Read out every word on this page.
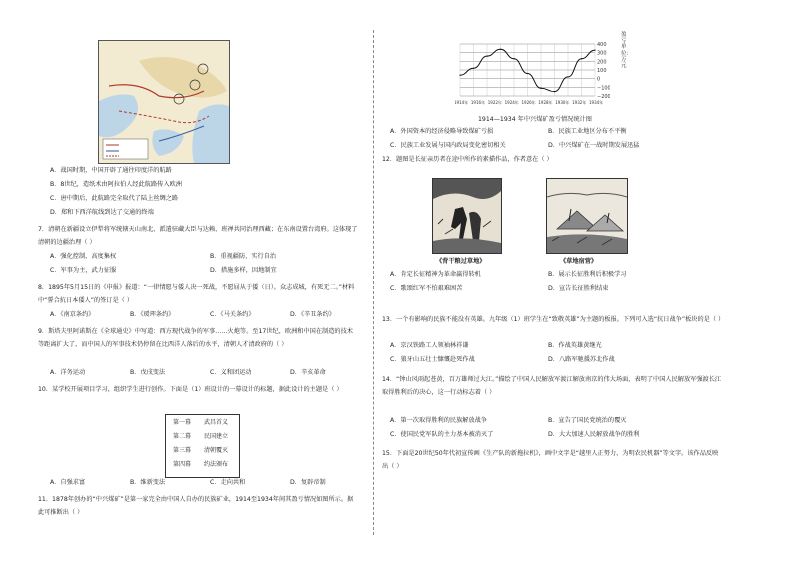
A．战国时期，中国开辟了通往印度洋的航路
B．8世纪，造纸术由阿拉伯人经此航路传入欧洲
C．唐中期后，此航路完全取代了陆上丝绸之路
D．郑和下西洋航线到达了交通的终端
7．清朝在新疆设立伊犁将军统辖天山南北、派遣驻藏大臣与达赖、班禅共同治理西藏；在东南设置台湾府。这体现了清朝的边疆治理（ ）
A．强化控制，高度集权	B．重视疆防，实行自治
C．军事为主，武力征服	D．措施多样，因地制宜
8．1895年5月15日的《申报》报道：“一律情愿与倭人决一死战，不愿屈从于倭（日）。众志成城，有死无二。”材料中“誓合抗日本倭人”的签订是（ ）
A．《南京条约》	B．《瑷珲条约》	C．《马关条约》	D．《辛丑条约》
9．斯塔夫里阿诺斯在《全球通史》中写道：西方现代战争的军事……火炮等。至17世纪，欧洲和中国在制造的技术等距离扩大了，而中国人的军事技术仍停留在比西洋人落后的水平，清朝人才清政府的（ ）
A．洋务运动	B．戊戌变法	C．义和团运动	D．辛亥革命
10．某学校开展项目学习，组织学生进行创作。下面是（1）班设计的一幕设计的标题，据此设计的主题是（ ）
第一幕 武昌首义
第二幕 民国建立
第三幕 清朝覆灭
第四幕 约法颁布
A．自强求富	B．维新变法	C．走向共和	D．复辟帝制
11．1878年创办的“中兴煤矿”是第一家完全由中国人自办的民族矿业，1914至1934年间其盈亏情况如图所示。据此可推断出（ ）
400
300
200
100
0
−100
−200
1914年 1916年 1922年 1924年 1926年 1928年 1930年 1932年 1934年
盈亏单位：万元
1914—1934 年中兴煤矿盈亏情况统计图
A．外国资本的经济侵略导致煤矿亏损	B．民族工业地区分布不平衡
C．民族工业发展与国内政局变化密切相关	D．中兴煤矿在一战时期发展迅猛
12．题图是长征亲历者在途中所作的素描作品，作者意在（ ）
《背干粮过草地》	《草地宿营》
A．肯定长征精神为革命赢得转机	B．展示长征胜利后积极学习
C．歌颂红军不怕艰难困苦	D．宣告长征胜利结束
13．一个有影响的民族不能没有英雄。九年级（1）班学生在“致敬英雄”为主题的板报。下列可入选“抗日战争”板块的是（ ）
A．京汉铁路工人领袖林祥谦	B．作战英雄黄继光
C．狼牙山五壮士慷慨赴死作战	D．八路军驰援苏北作战
14．“钟山风雨起苍黄，百万雄师过大江。”描绘了中国人民解放军渡江解放南京的伟大场面，表明了中国人民解放军强渡长江取得胜利后的决心，这一行动标志着（ ）
A．第一次取得胜利的民族解放战争	B．宣告了国民党统治的覆灭
C．使国民党军队的主力基本被消灭了	D．大大加速人民解放战争的胜利
15．下面是20世纪50年代初宣传画《生产队的新拖拉机》，画中文字是“越里人正努力，为明农民机器”等文字。该作品反映出（ ）
